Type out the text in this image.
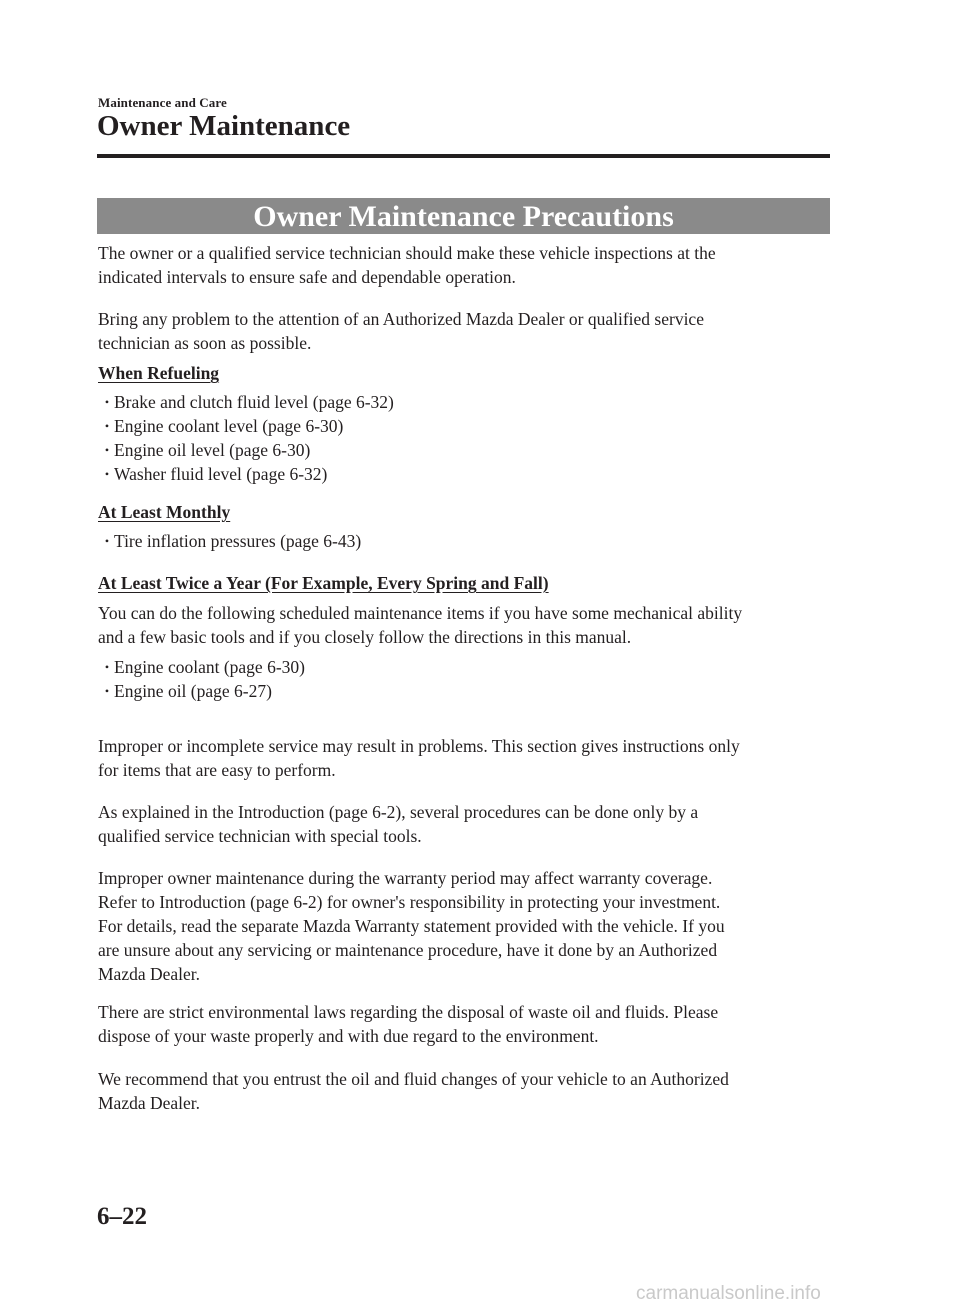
Maintenance and Care
Owner Maintenance
Owner Maintenance Precautions
The owner or a qualified service technician should make these vehicle inspections at the
indicated intervals to ensure safe and dependable operation.
Bring any problem to the attention of an Authorized Mazda Dealer or qualified service
technician as soon as possible.
When Refueling
• Brake and clutch fluid level (page 6-32)
• Engine coolant level (page 6-30)
• Engine oil level (page 6-30)
• Washer fluid level (page 6-32)
At Least Monthly
• Tire inflation pressures (page 6-43)
At Least Twice a Year (For Example, Every Spring and Fall)
You can do the following scheduled maintenance items if you have some mechanical ability
and a few basic tools and if you closely follow the directions in this manual.
• Engine coolant (page 6-30)
• Engine oil (page 6-27)
Improper or incomplete service may result in problems. This section gives instructions only
for items that are easy to perform.
As explained in the Introduction (page 6-2), several procedures can be done only by a
qualified service technician with special tools.
Improper owner maintenance during the warranty period may affect warranty coverage.
Refer to Introduction (page 6-2) for owner's responsibility in protecting your investment.
For details, read the separate Mazda Warranty statement provided with the vehicle. If you
are unsure about any servicing or maintenance procedure, have it done by an Authorized
Mazda Dealer.
There are strict environmental laws regarding the disposal of waste oil and fluids. Please
dispose of your waste properly and with due regard to the environment.
We recommend that you entrust the oil and fluid changes of your vehicle to an Authorized
Mazda Dealer.
6–22
carmanualsonline.info
